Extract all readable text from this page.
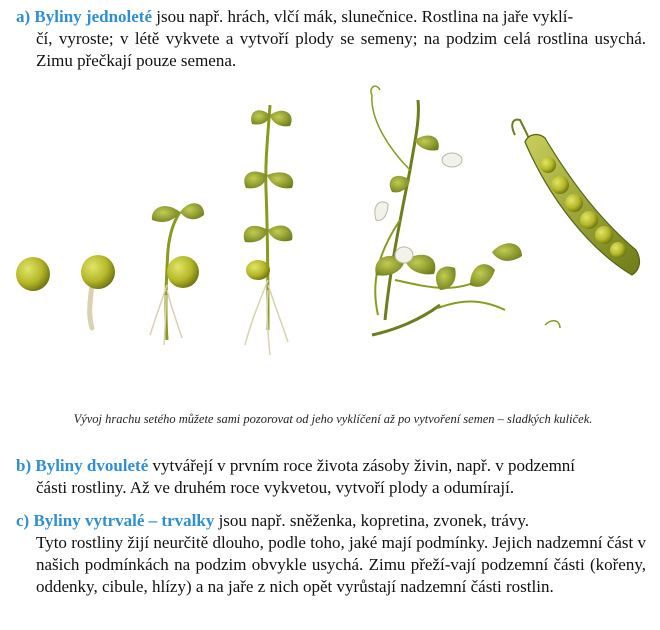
a) Byliny jednoleté jsou např. hrách, vlčí mák, slunečnice. Rostlina na jaře vyklí-
čí, vyroste; v létě vykvete a vytvoří plody se semeny; na podzim celá rostlina usychá. Zimu přečkají pouze semena.
Vývoj hrachu setého můžete sami pozorovat od jeho vyklíčení až po vytvoření semen – sladkých kuliček.
b) Byliny dvouleté vytvářejí v prvním roce života zásoby živin, např. v podzemní
části rostliny. Až ve druhém roce vykvetou, vytvoří plody a odumírají.
c) Byliny vytrvalé – trvalky jsou např. sněženka, kopretina, zvonek, trávy.
Tyto rostliny žijí neurčitě dlouho, podle toho, jaké mají podmínky. Jejich nadzemní část v našich podmínkách na podzim obvykle usychá. Zimu přeží-vají podzemní části (kořeny, oddenky, cibule, hlízy) a na jaře z nich opět vyrůstají nadzemní části rostlin.
